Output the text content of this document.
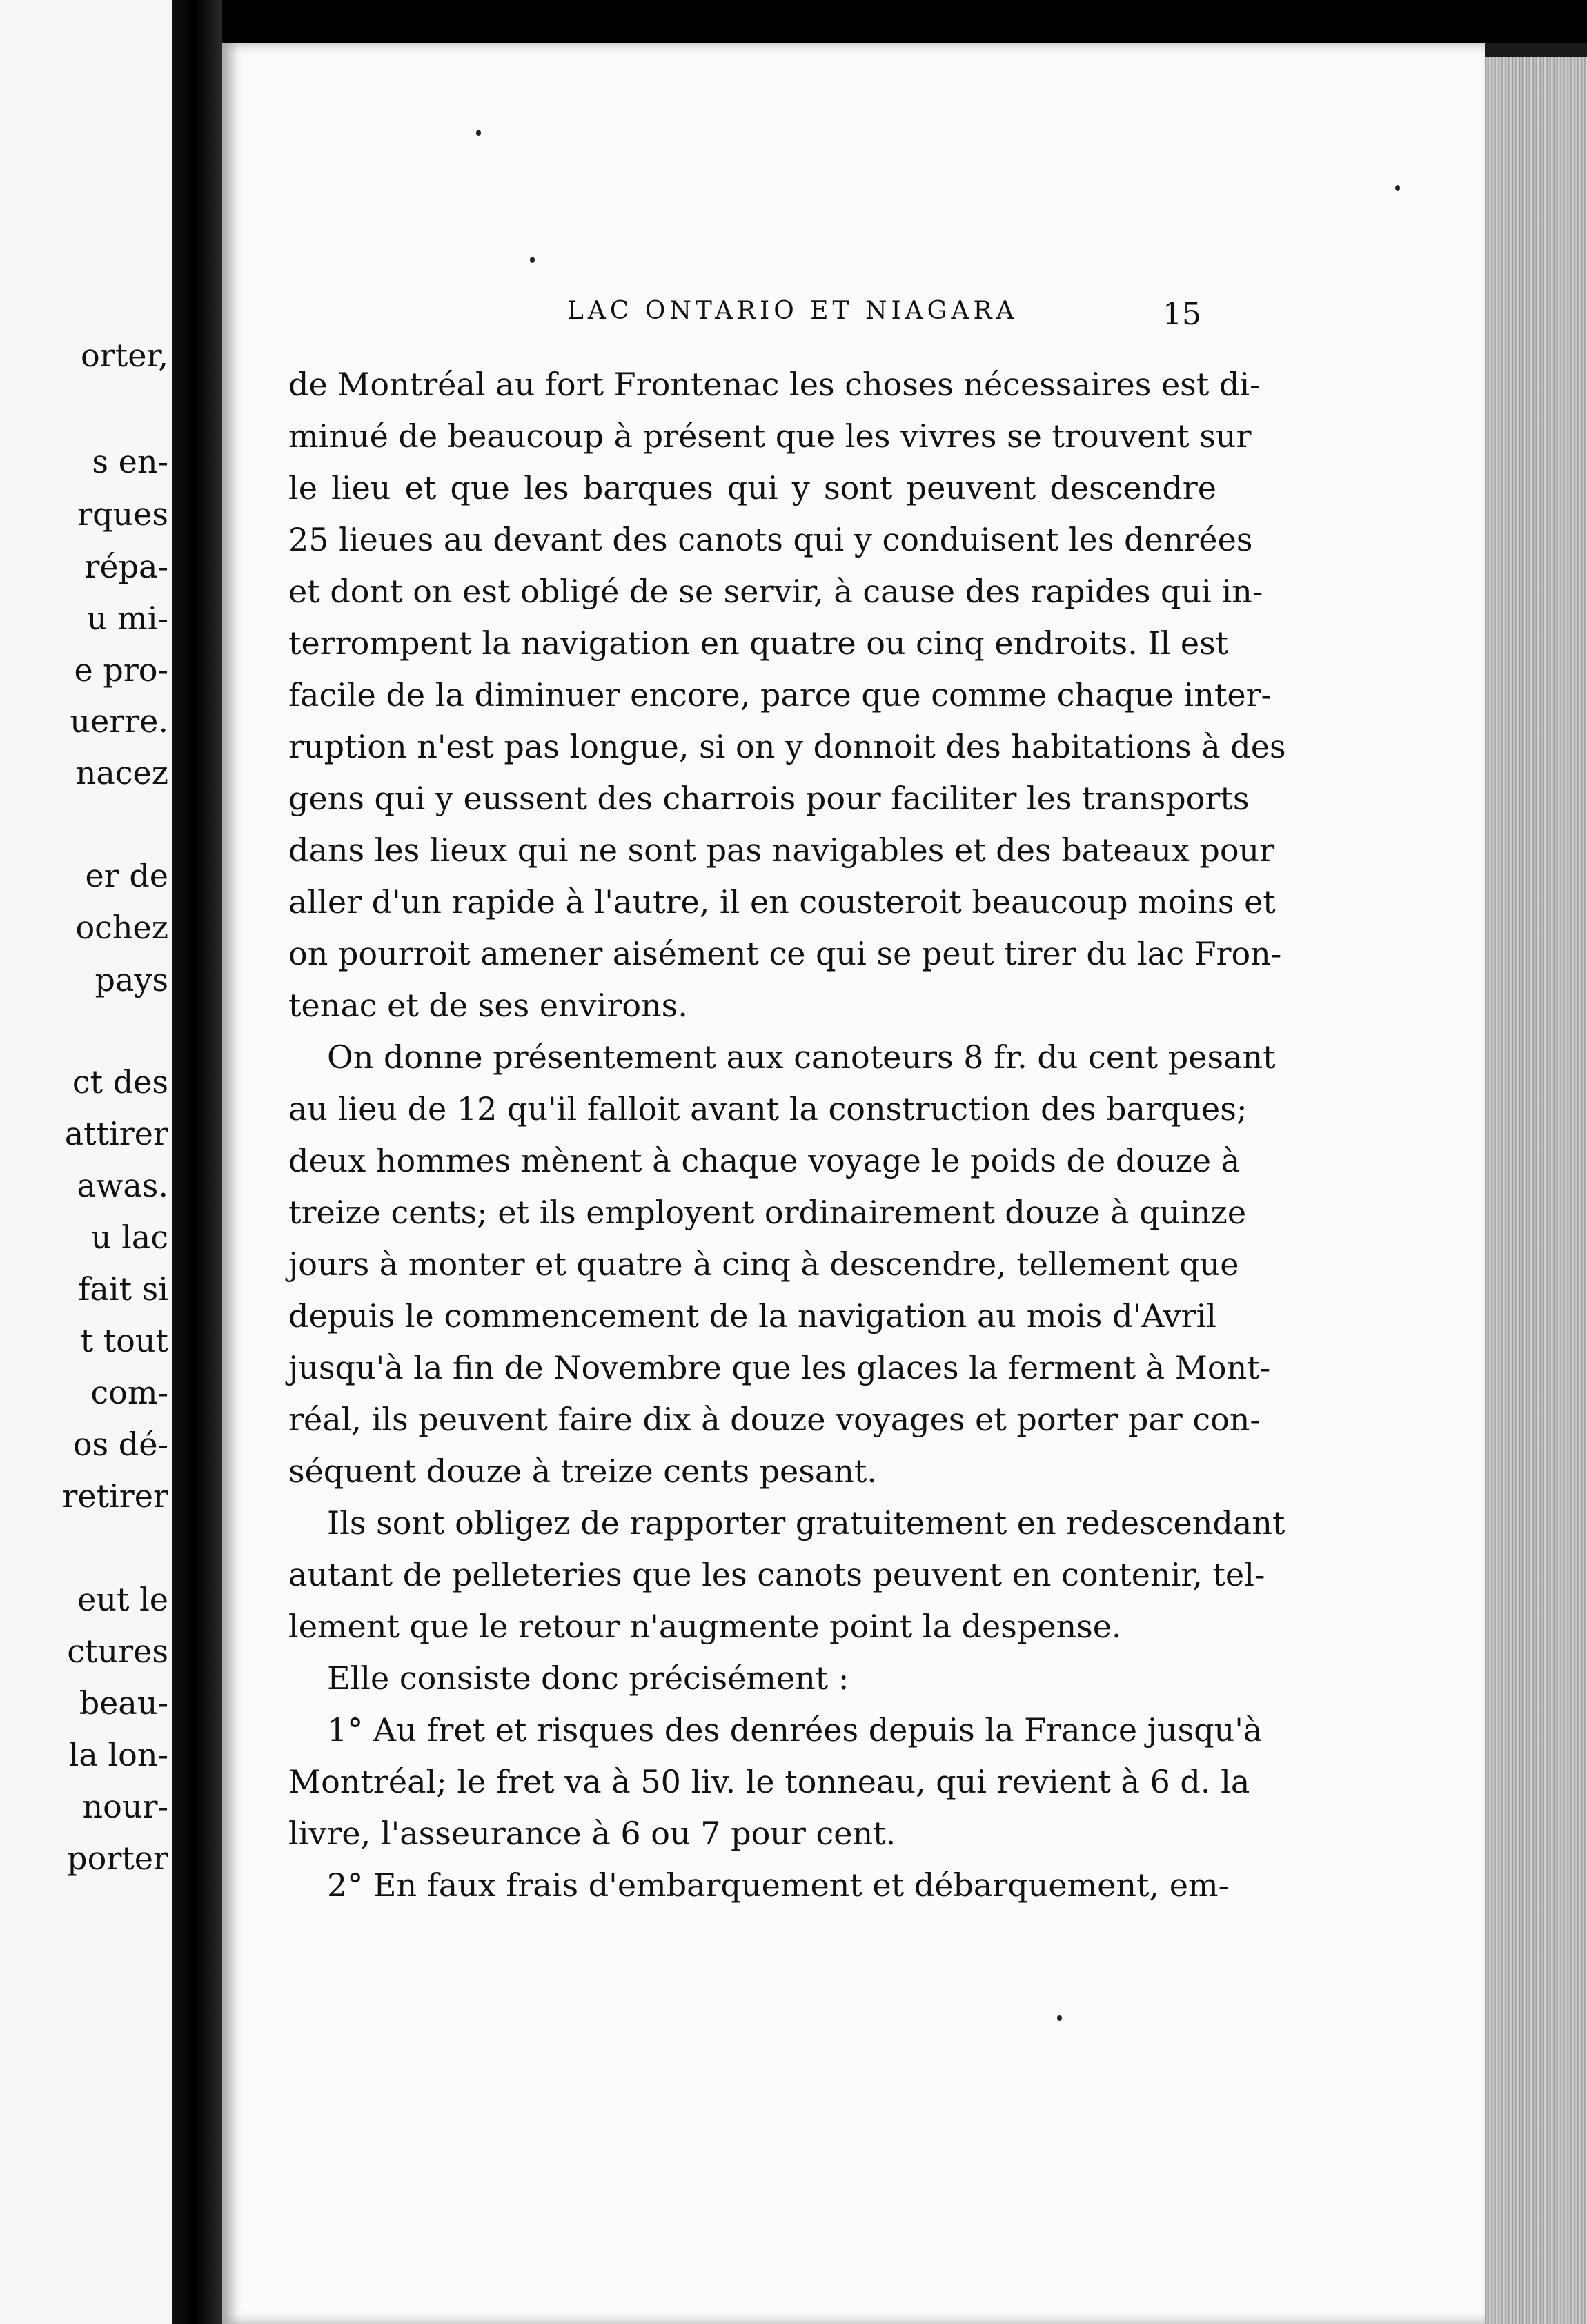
orter,
s en-
rques
répa-
u mi-
e pro-
uerre.
nacez
er de
ochez
pays
ct des
attirer
awas.
u lac
fait si
t tout
com-
os dé-
retirer
eut le
ctures
beau-
la lon-
nour-
porter
LAC ONTARIO ET NIAGARA	15
de Montréal au fort Frontenac les choses nécessaires est di-
minué de beaucoup à présent que les vivres se trouvent sur
le lieu et que les barques qui y sont peuvent descendre
25 lieues au devant des canots qui y conduisent les denrées
et dont on est obligé de se servir, à cause des rapides qui in-
terrompent la navigation en quatre ou cinq endroits. Il est
facile de la diminuer encore, parce que comme chaque inter-
ruption n'est pas longue, si on y donnoit des habitations à des
gens qui y eussent des charrois pour faciliter les transports
dans les lieux qui ne sont pas navigables et des bateaux pour
aller d'un rapide à l'autre, il en cousteroit beaucoup moins et
on pourroit amener aisément ce qui se peut tirer du lac Fron-
tenac et de ses environs.
On donne présentement aux canoteurs 8 fr. du cent pesant
au lieu de 12 qu'il falloit avant la construction des barques;
deux hommes mènent à chaque voyage le poids de douze à
treize cents; et ils employent ordinairement douze à quinze
jours à monter et quatre à cinq à descendre, tellement que
depuis le commencement de la navigation au mois d'Avril
jusqu'à la fin de Novembre que les glaces la ferment à Mont-
réal, ils peuvent faire dix à douze voyages et porter par con-
séquent douze à treize cents pesant.
Ils sont obligez de rapporter gratuitement en redescendant
autant de pelleteries que les canots peuvent en contenir, tel-
lement que le retour n'augmente point la despense.
Elle consiste donc précisément :
1° Au fret et risques des denrées depuis la France jusqu'à
Montréal; le fret va à 50 liv. le tonneau, qui revient à 6 d. la
livre, l'asseurance à 6 ou 7 pour cent.
2° En faux frais d'embarquement et débarquement, em-
